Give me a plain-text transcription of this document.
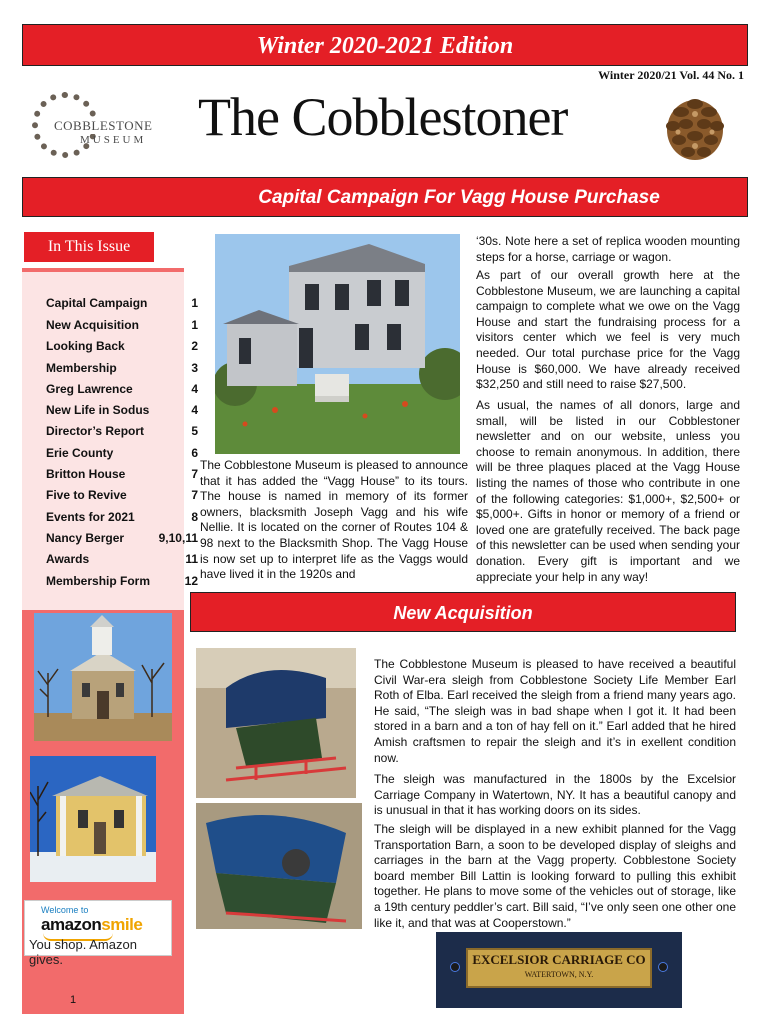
Winter 2020-2021 Edition
Winter 2020/21 Vol. 44 No. 1
COBBLESTONE
MUSEUM The Cobblestoner
Capital Campaign For Vagg House Purchase
In This Issue
Capital Campaign	1
New Acquisition	1
Looking Back	2
Membership	3
Greg Lawrence	4
New Life in Sodus	4
Director’s Report	5
Erie County	6
Britton House	7
Five to Revive	7
Events for 2021	8
Nancy Berger	9,10,11
Awards	11
Membership Form	12
Welcome to
amazonsmile
You shop. Amazon gives.
1
The Cobblestone Museum is pleased to announce that it has added the “Vagg House” to its tours. The house is named in memory of its former owners, blacksmith Joseph Vagg and his wife Nellie. It is located on the corner of Routes 104 & 98 next to the Blacksmith Shop. The Vagg House is now set up to interpret life as the Vaggs would have lived it in the 1920s and
‘30s. Note here a set of replica wooden mounting steps for a horse, carriage or wagon.
As part of our overall growth here at the Cobblestone Museum, we are launching a capital campaign to complete what we owe on the Vagg House and start the fundraising process for a visitors center which we feel is very much needed. Our total purchase price for the Vagg House is $60,000. We have already received $32,250 and still need to raise $27,500.
As usual, the names of all donors, large and small, will be listed in our Cobblestoner newsletter and on our website, unless you choose to remain anonymous. In addition, there will be three plaques placed at the Vagg House listing the names of those who contribute in one of the following categories: $1,000+, $2,500+ or $5,000+. Gifts in honor or memory of a friend or loved one are gratefully received. The back page of this newsletter can be used when sending your donation. Every gift is important and we appreciate your help in any way!
New Acquisition
The Cobblestone Museum is pleased to have received a beautiful Civil War-era sleigh from Cobblestone Society Life Member Earl Roth of Elba. Earl received the sleigh from a friend many years ago. He said, “The sleigh was in bad shape when I got it. It had been stored in a barn and a ton of hay fell on it.” Earl added that he hired Amish craftsmen to repair the sleigh and it’s in exellent condition now.
The sleigh was manufactured in the 1800s by the Excelsior Carriage Company in Watertown, NY. It has a beautiful canopy and is unusual in that it has working doors on its sides.
The sleigh will be displayed in a new exhibit planned for the Vagg Transportation Barn, a soon to be developed display of sleighs and carriages in the barn at the Vagg property. Cobblestone Society board member Bill Lattin is looking forward to pulling this exhibit together. He plans to move some of the vehicles out of storage, like a 19th century peddler’s cart. Bill said, “I’ve only seen one other one like it, and that was at Cooperstown.”
EXCELSIOR CARRIAGE CO
WATERTOWN, N.Y.
